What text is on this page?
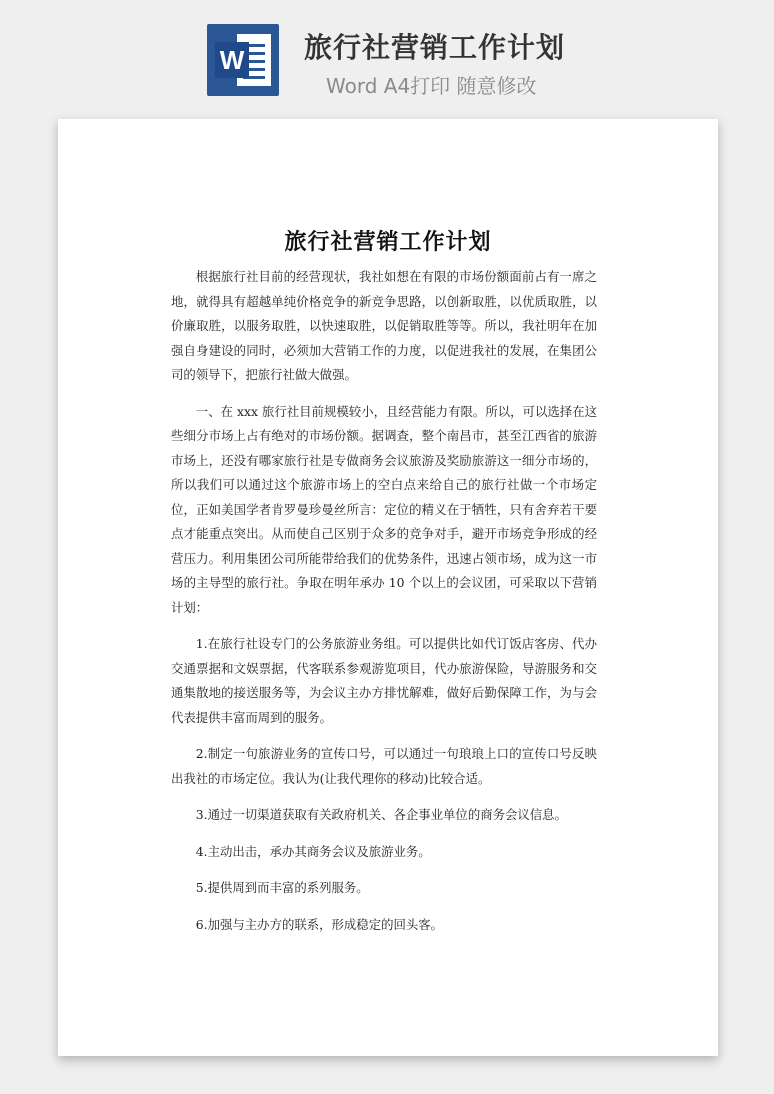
W 旅行社营销工作计划
Word A4打印 随意修改
旅行社营销工作计划

根据旅行社目前的经营现状，我社如想在有限的市场份额面前占有一席之地，就得具有超越单纯价格竞争的新竞争思路，以创新取胜，以优质取胜，以价廉取胜，以服务取胜，以快速取胜，以促销取胜等等。所以，我社明年在加强自身建设的同时，必须加大营销工作的力度，以促进我社的发展，在集团公司的领导下，把旅行社做大做强。

一、在 xxx 旅行社目前规模较小，且经营能力有限。所以，可以选择在这些细分市场上占有绝对的市场份额。据调查，整个南昌市，甚至江西省的旅游市场上，还没有哪家旅行社是专做商务会议旅游及奖励旅游这一细分市场的，所以我们可以通过这个旅游市场上的空白点来给自己的旅行社做一个市场定位，正如美国学者肯罗曼珍曼丝所言：定位的精义在于牺牲，只有舍弃若干要点才能重点突出。从而使自己区别于众多的竞争对手，避开市场竞争形成的经营压力。利用集团公司所能带给我们的优势条件，迅速占领市场，成为这一市场的主导型的旅行社。争取在明年承办 10 个以上的会议团，可采取以下营销计划：

1.在旅行社设专门的公务旅游业务组。可以提供比如代订饭店客房、代办交通票据和文娱票据，代客联系参观游览项目，代办旅游保险，导游服务和交通集散地的接送服务等，为会议主办方排忧解难，做好后勤保障工作，为与会代表提供丰富而周到的服务。

2.制定一句旅游业务的宣传口号，可以通过一句琅琅上口的宣传口号反映出我社的市场定位。我认为(让我代理你的移动)比较合适。

3.通过一切渠道获取有关政府机关、各企事业单位的商务会议信息。

4.主动出击，承办其商务会议及旅游业务。

5.提供周到而丰富的系列服务。

6.加强与主办方的联系，形成稳定的回头客。
